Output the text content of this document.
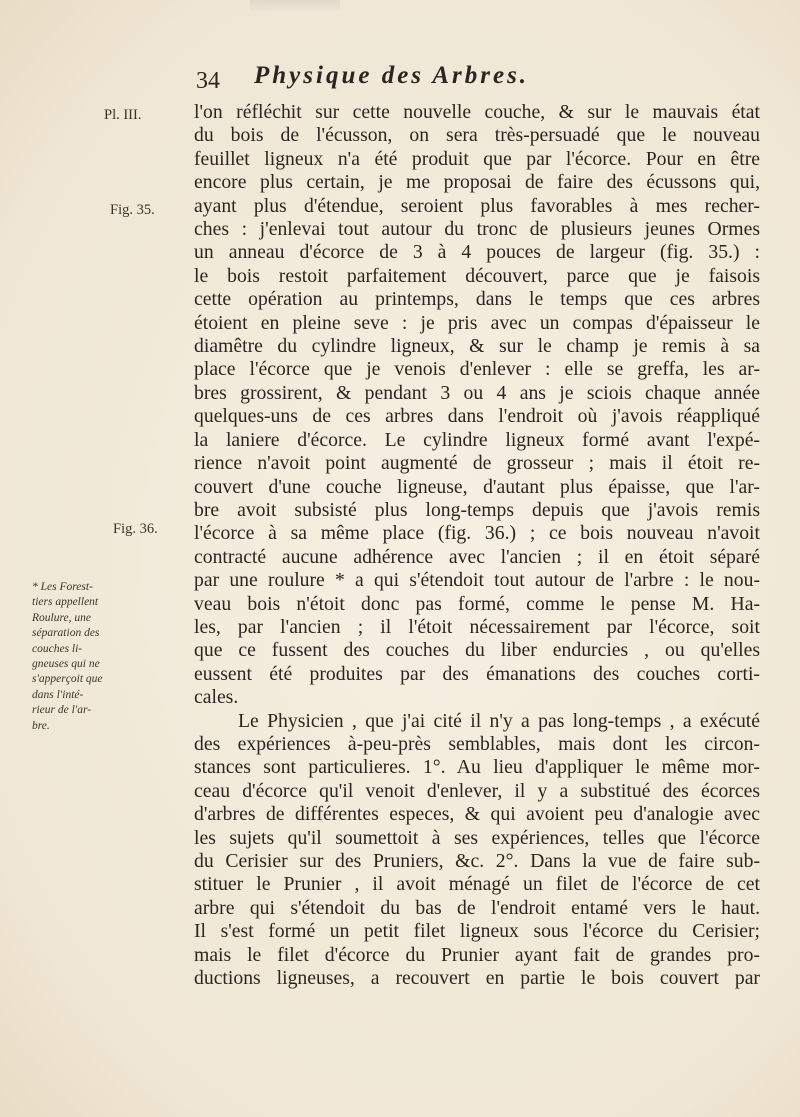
34 Physique des Arbres.
Pl. III.
Fig. 35.
Fig. 36.
* Les Forest-
tiers appellent
Roulure, une
séparation des
couches li-
gneuses qui ne
s'apperçoit que
dans l'inté-
rieur de l'ar-
bre.
l'on réfléchit sur cette nouvelle couche, & sur le mauvais état
du bois de l'écusson, on sera très-persuadé que le nouveau
feuillet ligneux n'a été produit que par l'écorce. Pour en être
encore plus certain, je me proposai de faire des écussons qui,
ayant plus d'étendue, seroient plus favorables à mes recher-
ches : j'enlevai tout autour du tronc de plusieurs jeunes Ormes
un anneau d'écorce de 3 à 4 pouces de largeur (fig. 35.) :
le bois restoit parfaitement découvert, parce que je faisois
cette opération au printemps, dans le temps que ces arbres
étoient en pleine seve : je pris avec un compas d'épaisseur le
diamêtre du cylindre ligneux, & sur le champ je remis à sa
place l'écorce que je venois d'enlever : elle se greffa, les ar-
bres grossirent, & pendant 3 ou 4 ans je sciois chaque année
quelques-uns de ces arbres dans l'endroit où j'avois réappliqué
la laniere d'écorce. Le cylindre ligneux formé avant l'expé-
rience n'avoit point augmenté de grosseur ; mais il étoit re-
couvert d'une couche ligneuse, d'autant plus épaisse, que l'ar-
bre avoit subsisté plus long-temps depuis que j'avois remis
l'écorce à sa même place (fig. 36.) ; ce bois nouveau n'avoit
contracté aucune adhérence avec l'ancien ; il en étoit séparé
par une roulure * a qui s'étendoit tout autour de l'arbre : le nou-
veau bois n'étoit donc pas formé, comme le pense M. Ha-
les, par l'ancien ; il l'étoit nécessairement par l'écorce, soit
que ce fussent des couches du liber endurcies , ou qu'elles
eussent été produites par des émanations des couches corti-
cales.
Le Physicien , que j'ai cité il n'y a pas long-temps , a exécuté
des expériences à-peu-près semblables, mais dont les circon-
stances sont particulieres. 1°. Au lieu d'appliquer le même mor-
ceau d'écorce qu'il venoit d'enlever, il y a substitué des écorces
d'arbres de différentes especes, & qui avoient peu d'analogie avec
les sujets qu'il soumettoit à ses expériences, telles que l'écorce
du Cerisier sur des Pruniers, &c. 2°. Dans la vue de faire sub-
stituer le Prunier , il avoit ménagé un filet de l'écorce de cet
arbre qui s'étendoit du bas de l'endroit entamé vers le haut.
Il s'est formé un petit filet ligneux sous l'écorce du Cerisier;
mais le filet d'écorce du Prunier ayant fait de grandes pro-
ductions ligneuses, a recouvert en partie le bois couvert par
